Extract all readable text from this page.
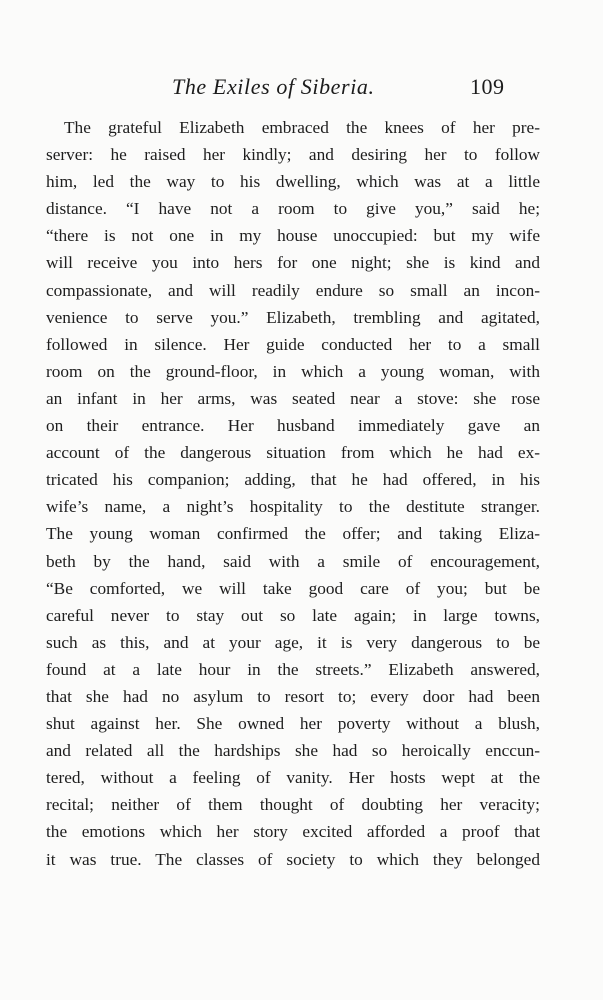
The Exiles of Siberia.	109
The grateful Elizabeth embraced the knees of her pre-
server: he raised her kindly; and desiring her to follow
him, led the way to his dwelling, which was at a little
distance. “I have not a room to give you,” said he;
“there is not one in my house unoccupied: but my wife
will receive you into hers for one night; she is kind and
compassionate, and will readily endure so small an incon-
venience to serve you.” Elizabeth, trembling and agitated,
followed in silence. Her guide conducted her to a small
room on the ground-floor, in which a young woman, with
an infant in her arms, was seated near a stove: she rose
on their entrance. Her husband immediately gave an
account of the dangerous situation from which he had ex-
tricated his companion; adding, that he had offered, in his
wife’s name, a night’s hospitality to the destitute stranger.
The young woman confirmed the offer; and taking Eliza-
beth by the hand, said with a smile of encouragement,
“Be comforted, we will take good care of you; but be
careful never to stay out so late again; in large towns,
such as this, and at your age, it is very dangerous to be
found at a late hour in the streets.” Elizabeth answered,
that she had no asylum to resort to; every door had been
shut against her. She owned her poverty without a blush,
and related all the hardships she had so heroically enccun-
tered, without a feeling of vanity. Her hosts wept at the
recital; neither of them thought of doubting her veracity;
the emotions which her story excited afforded a proof that
it was true. The classes of society to which they belonged
